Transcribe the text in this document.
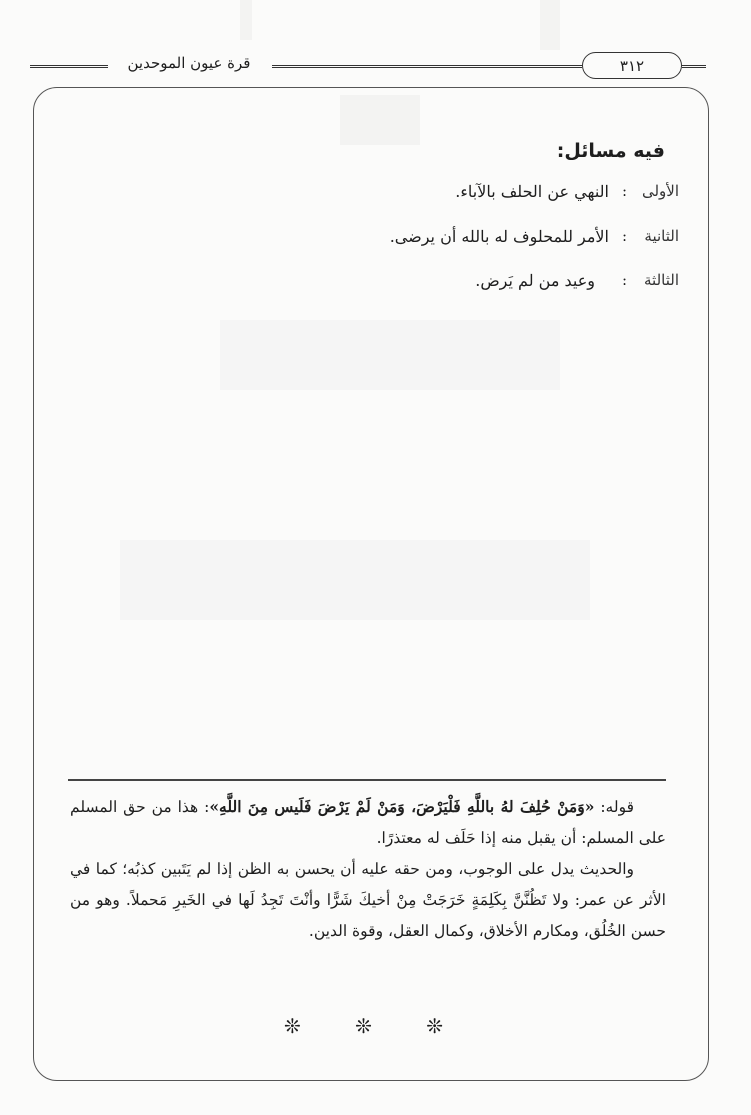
قرة عيون الموحدين	٣١٢
فيه مسائل:
الأولى
:
النهي عن الحلف بالآباء.
الثانية
:
الأمر للمحلوف له بالله أن يرضى.
الثالثة
:
وعيد من لم يَرض.

قوله: «وَمَنْ حُلِفَ لهُ باللَّهِ فَلْيَرْضَ، وَمَنْ لَمْ يَرْضَ فَلَيس مِنَ اللَّهِ»: هذا من حق المسلم على المسلم: أن يقبل منه إذا حَلَف له معتذرًا.

والحديث يدل على الوجوب، ومن حقه عليه أن يحسن به الظن إذا لم يَتَبين كذبُه؛ كما في الأثر عن عمر: ولا تَظُنَّنَّ بِكَلِمَةٍ خَرَجَتْ مِنْ أخيكَ شَرًّا وأنْتَ تَجِدُ لَها في الخَيرِ مَحملاً. وهو من حسن الخُلُق، ومكارم الأخلاق، وكمال العقل، وقوة الدين.

❊ ❊ ❊
